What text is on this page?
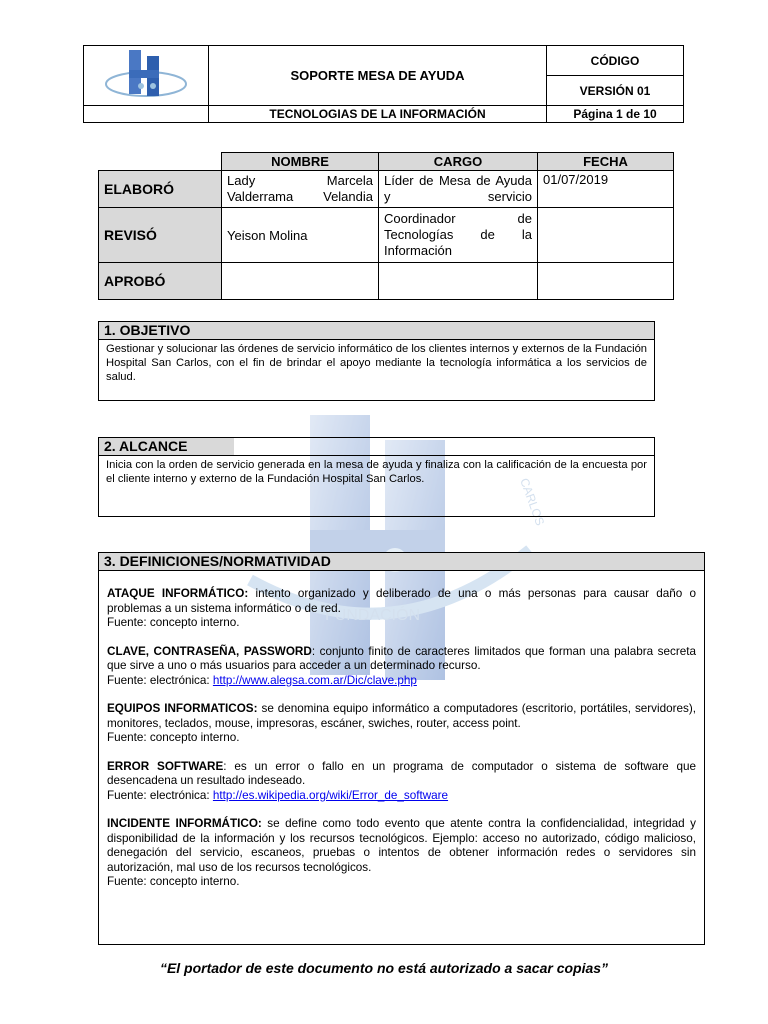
FUNDACIÓN
CARLOS
	SOPORTE MESA DE AYUDA	CÓDIGO
		VERSIÓN 01
	TECNOLOGIAS DE LA INFORMACIÓN	Página 1 de 10
	NOMBRE	CARGO	FECHA
ELABORÓ	Lady Marcela Valderrama Velandia	Líder de Mesa de Ayuda y servicio	01/07/2019
REVISÓ	Yeison Molina	Coordinador de Tecnologías de la Información	
APROBÓ			
1. OBJETIVO
Gestionar y solucionar las órdenes de servicio informático de los clientes internos y externos de la Fundación Hospital San Carlos, con el fin de brindar el apoyo mediante la tecnología informática a los servicios de salud.
2. ALCANCE
Inicia con la orden de servicio generada en la mesa de ayuda y finaliza con la calificación de la encuesta por el cliente interno y externo de la Fundación Hospital San Carlos.
3. DEFINICIONES/NORMATIVIDAD

ATAQUE INFORMÁTICO: intento organizado y deliberado de una o más personas para causar daño o problemas a un sistema informático o de red.
Fuente: concepto interno.

CLAVE, CONTRASEÑA, PASSWORD: conjunto finito de caracteres limitados que forman una palabra secreta que sirve a uno o más usuarios para acceder a un determinado recurso.
Fuente: electrónica: http://www.alegsa.com.ar/Dic/clave.php

EQUIPOS INFORMATICOS: se denomina equipo informático a computadores (escritorio, portátiles, servidores), monitores, teclados, mouse, impresoras, escáner, swiches, router, access point.
Fuente: concepto interno.

ERROR SOFTWARE: es un error o fallo en un programa de computador o sistema de software que desencadena un resultado indeseado.
Fuente: electrónica: http://es.wikipedia.org/wiki/Error_de_software

INCIDENTE INFORMÁTICO: se define como todo evento que atente contra la confidencialidad, integridad y disponibilidad de la información y los recursos tecnológicos. Ejemplo: acceso no autorizado, código malicioso, denegación del servicio, escaneos, pruebas o intentos de obtener información redes o servidores sin autorización, mal uso de los recursos tecnológicos.
Fuente: concepto interno.

“El portador de este documento no está autorizado a sacar copias”
